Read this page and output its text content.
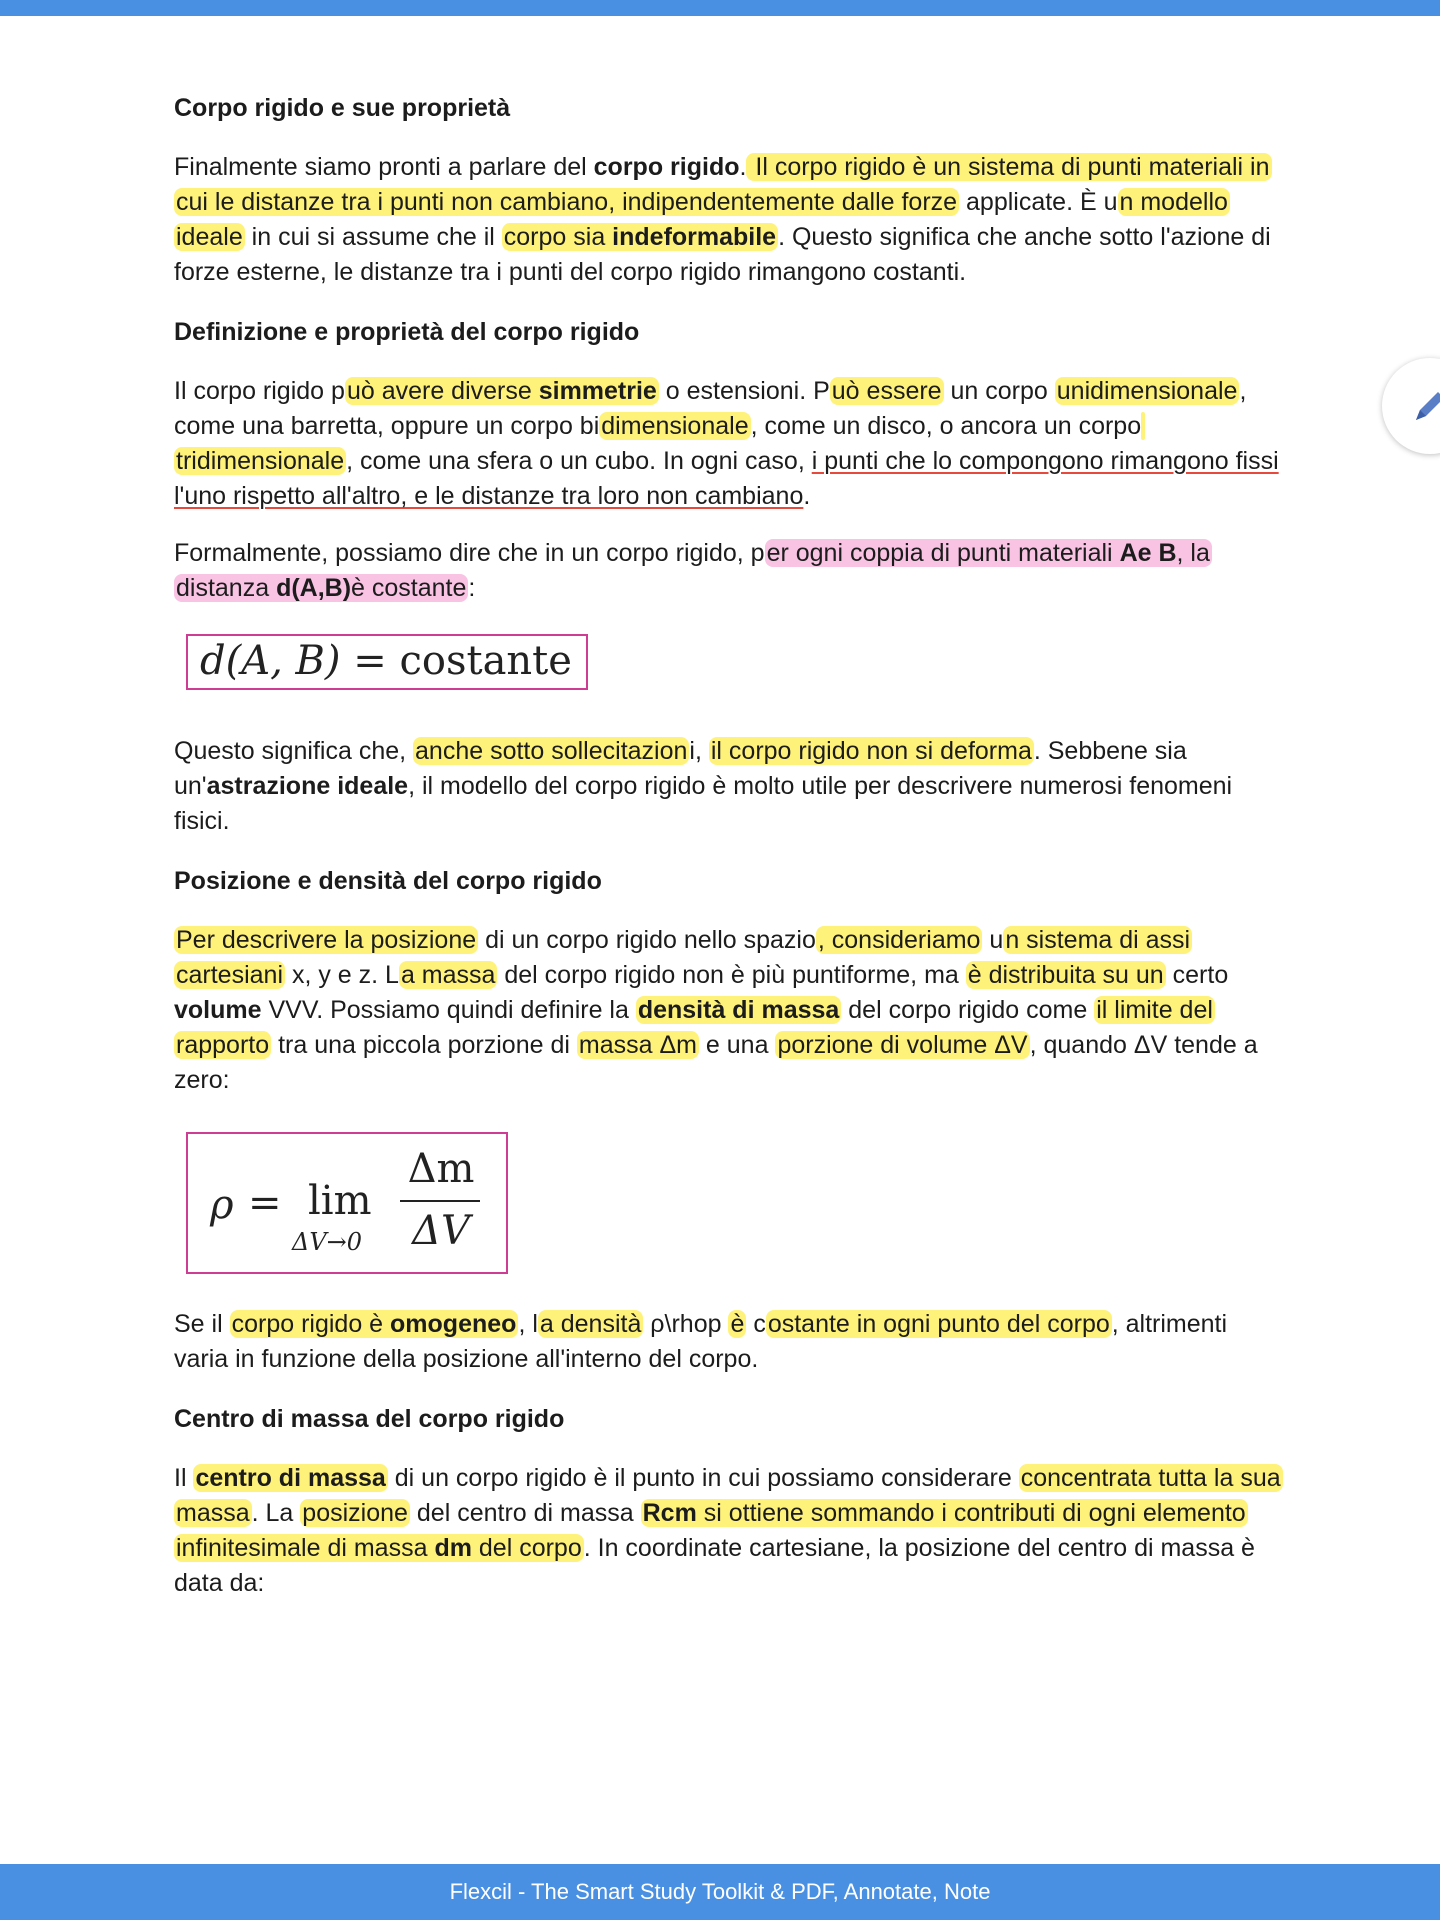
Corpo rigido e sue proprietà

Finalmente siamo pronti a parlare del corpo rigido. Il corpo rigido è un sistema di punti materiali in cui le distanze tra i punti non cambiano, indipendentemente dalle forze applicate. È un modello ideale in cui si assume che il corpo sia indeformabile. Questo significa che anche sotto l'azione di forze esterne, le distanze tra i punti del corpo rigido rimangono costanti.

Definizione e proprietà del corpo rigido

Il corpo rigido può avere diverse simmetrie o estensioni. Può essere un corpo unidimensionale, come una barretta, oppure un corpo bidimensionale, come un disco, o ancora un corpo tridimensionale, come una sfera o un cubo. In ogni caso, i punti che lo compongono rimangono fissi l'uno rispetto all'altro, e le distanze tra loro non cambiano.

Formalmente, possiamo dire che in un corpo rigido, per ogni coppia di punti materiali Ae B, la distanza d(A,B)è costante:

d(A, B) = costante

Questo significa che, anche sotto sollecitazioni, il corpo rigido non si deforma. Sebbene sia un'astrazione ideale, il modello del corpo rigido è molto utile per descrivere numerosi fenomeni fisici.

Posizione e densità del corpo rigido

Per descrivere la posizione di un corpo rigido nello spazio, consideriamo un sistema di assi cartesiani x, y e z. La massa del corpo rigido non è più puntiforme, ma è distribuita su un certo volume VVV. Possiamo quindi definire la densità di massa del corpo rigido come il limite del rapporto tra una piccola porzione di massa Δm e una porzione di volume ΔV, quando ΔV tende a zero:

ρ = lim
ΔV→0
Δm
ΔV

Se il corpo rigido è omogeneo, la densità ρ\rhop è costante in ogni punto del corpo, altrimenti varia in funzione della posizione all'interno del corpo.

Centro di massa del corpo rigido

Il centro di massa di un corpo rigido è il punto in cui possiamo considerare concentrata tutta la sua massa. La posizione del centro di massa Rcm si ottiene sommando i contributi di ogni elemento infinitesimale di massa dm del corpo. In coordinate cartesiane, la posizione del centro di massa è data da:

Flexcil - The Smart Study Toolkit & PDF, Annotate, Note
